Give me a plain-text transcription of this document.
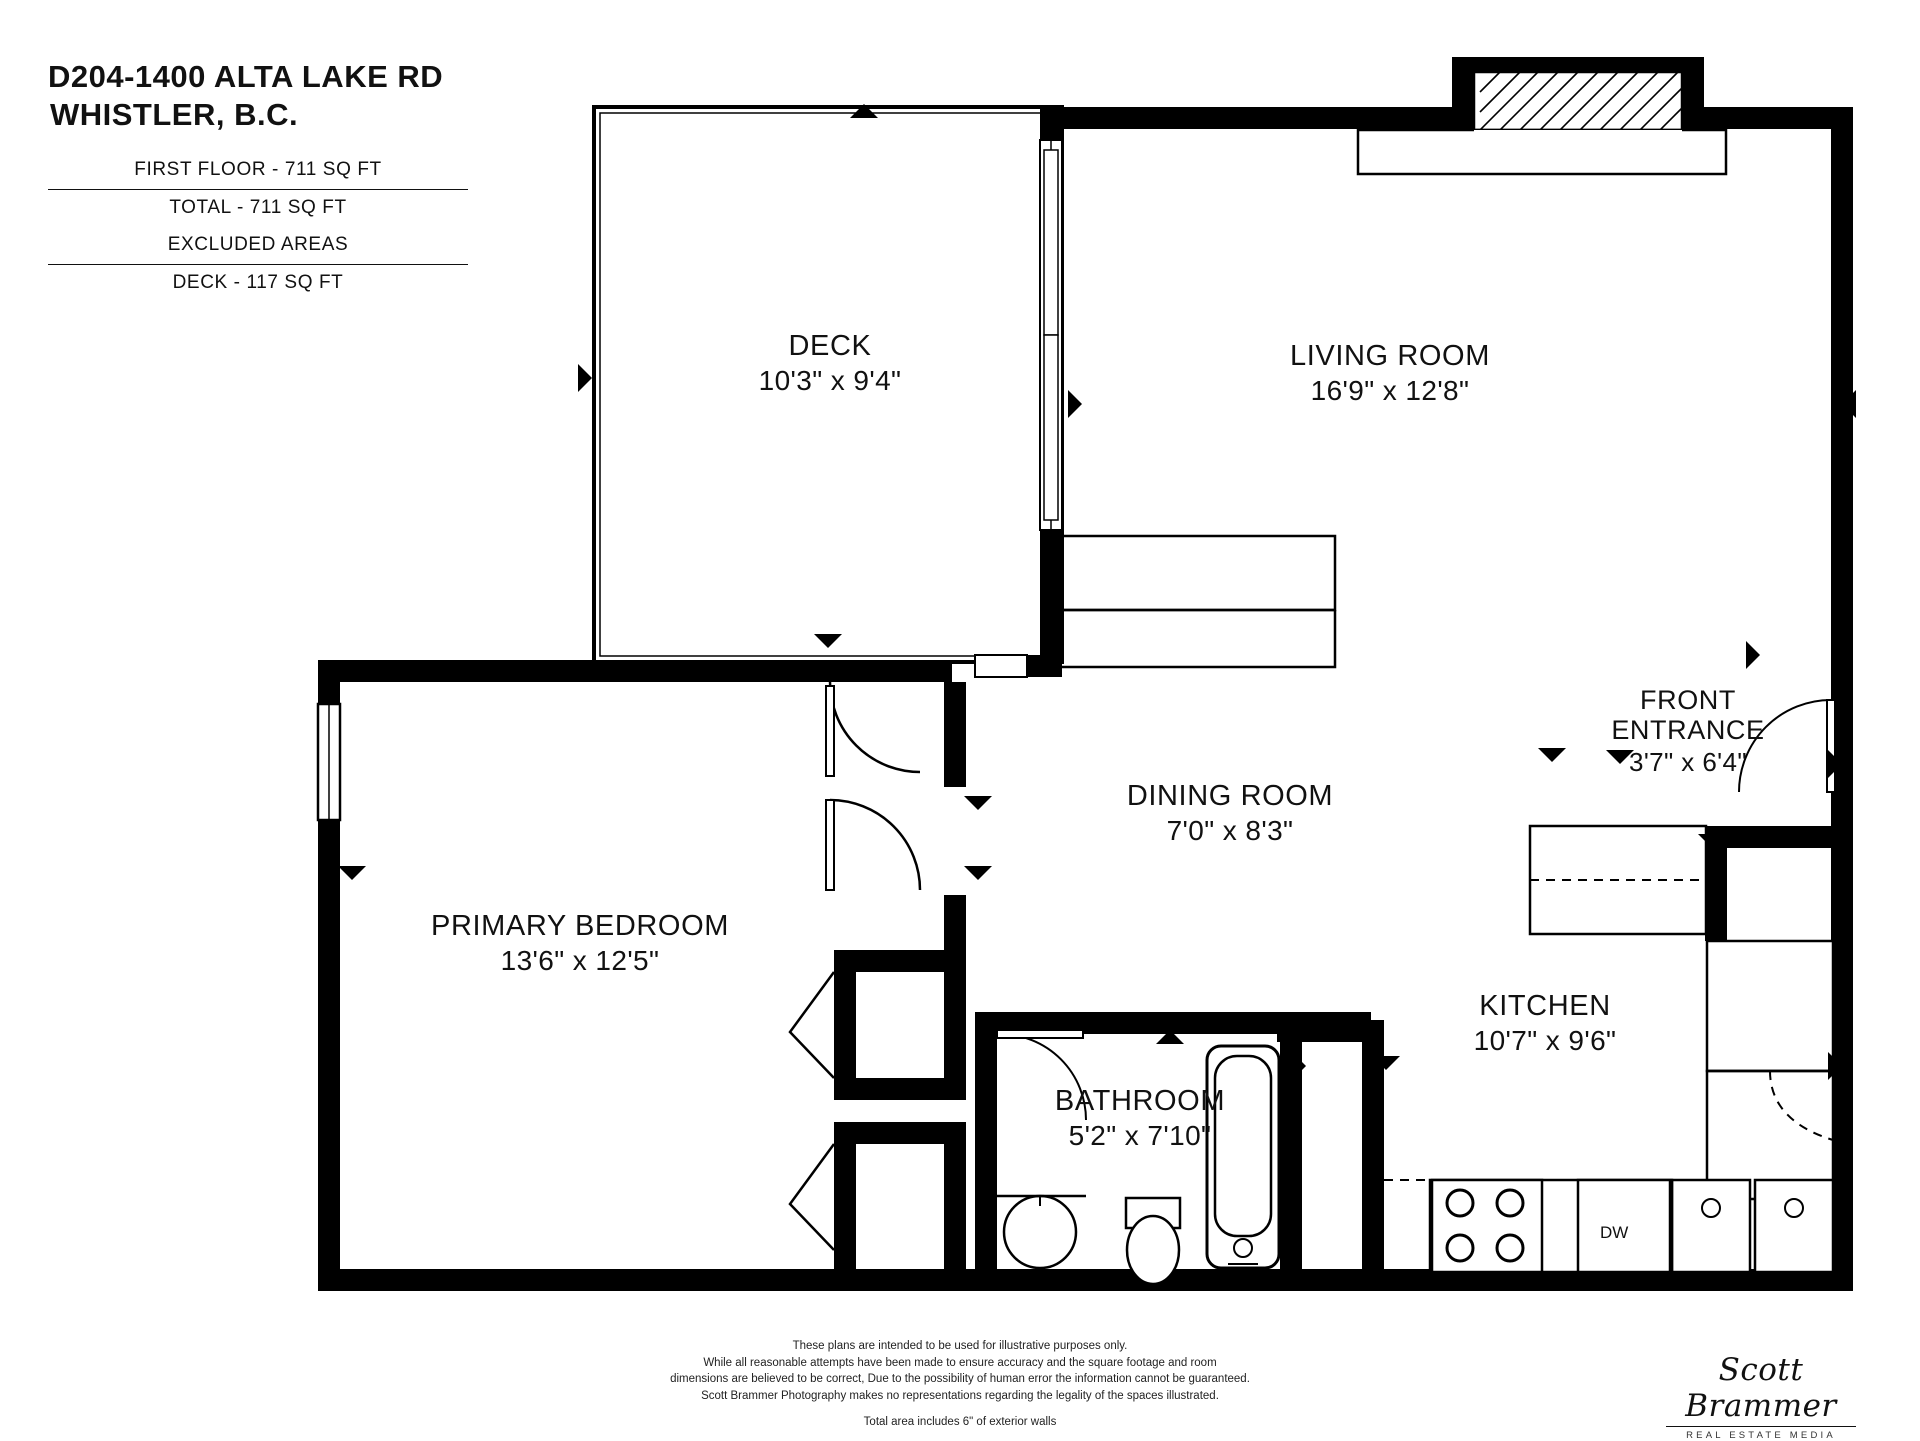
DW
D204-1400 ALTA LAKE RD
WHISTLER, B.C.
FIRST FLOOR - 711 SQ FT
TOTAL - 711 SQ FT
EXCLUDED AREAS
DECK - 117 SQ FT
DECK
10'3" x 9'4"
LIVING ROOM
16'9" x 12'8"
DINING ROOM
7'0" x 8'3"
FRONT
ENTRANCE
3'7" x 6'4"
PRIMARY BEDROOM
13'6" x 12'5"
KITCHEN
10'7" x 9'6"
BATHROOM
5'2" x 7'10"
These plans are intended to be used for illustrative purposes only.
While all reasonable attempts have been made to ensure accuracy and the square footage and room
dimensions are believed to be correct, Due to the possibility of human error the information cannot be guaranteed.
Scott Brammer Photography makes no representations regarding the legality of the spaces illustrated.
Total area includes 6" of exterior walls
Scott Brammer
REAL ESTATE MEDIA
